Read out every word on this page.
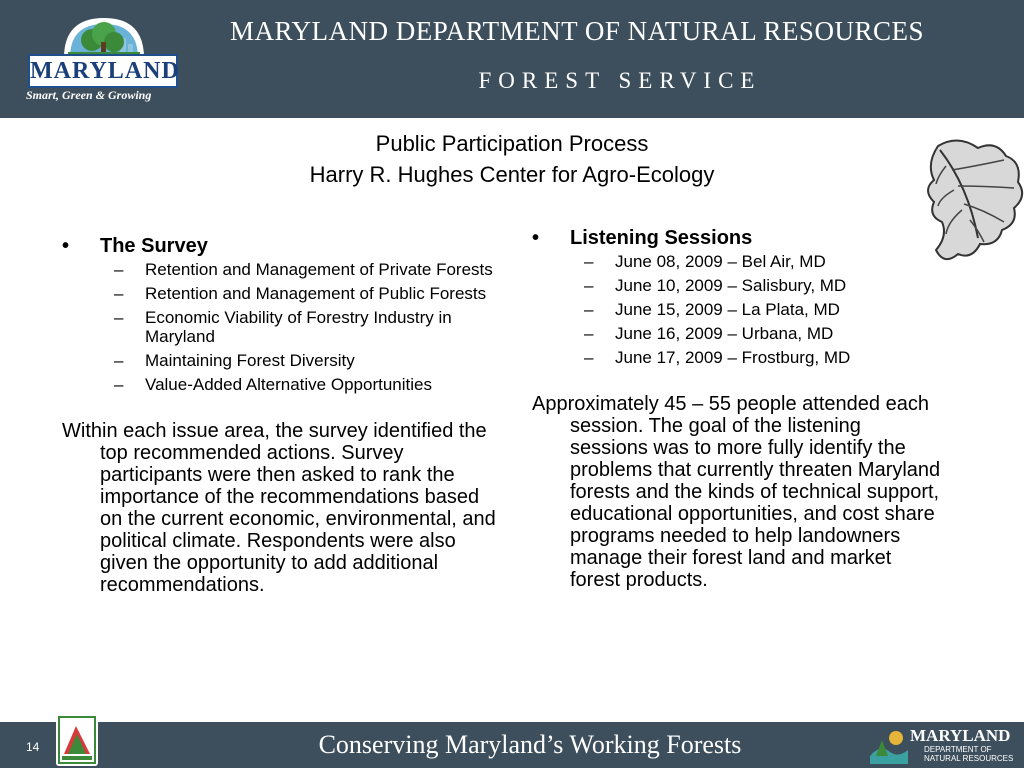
MARYLAND
Smart, Green & Growing
MARYLAND DEPARTMENT OF NATURAL RESOURCES
FOREST SERVICE
Public Participation Process
Harry R. Hughes Center for Agro-Ecology
• The Survey
– Retention and Management of Private Forests
– Retention and Management of Public Forests
– Economic Viability of Forestry Industry in Maryland
– Maintaining Forest Diversity
– Value-Added Alternative Opportunities
Within each issue area, the survey identified the top recommended actions. Survey participants were then asked to rank the importance of the recommendations based on the current economic, environmental, and political climate. Respondents were also given the opportunity to add additional recommendations.
• Listening Sessions
– June 08, 2009 – Bel Air, MD
– June 10, 2009 – Salisbury, MD
– June 15, 2009 – La Plata, MD
– June 16, 2009 – Urbana, MD
– June 17, 2009 – Frostburg, MD
Approximately 45 – 55 people attended each session. The goal of the listening sessions was to more fully identify the problems that currently threaten Maryland forests and the kinds of technical support, educational opportunities, and cost share programs needed to help landowners manage their forest land and market forest products.
14	Conserving Maryland’s Working Forests	MARYLAND
DEPARTMENT OF
NATURAL RESOURCES
